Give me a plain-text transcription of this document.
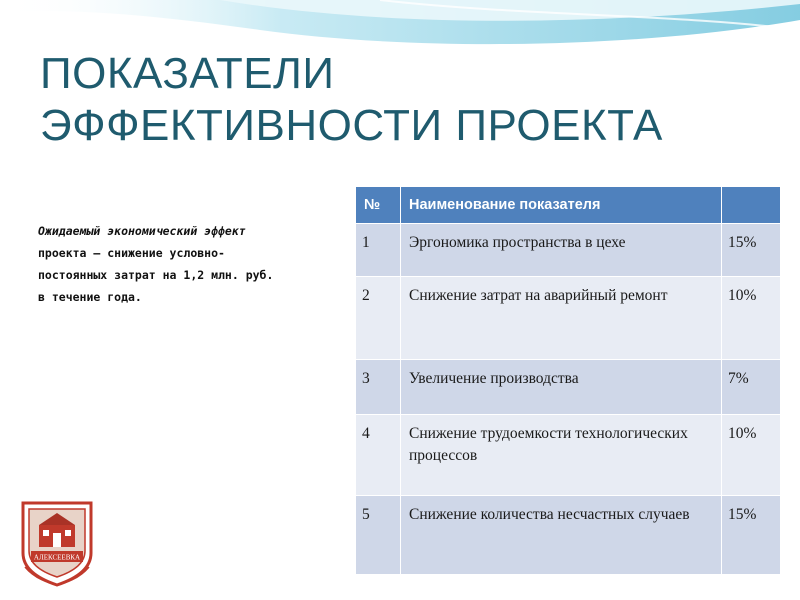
ПОКАЗАТЕЛИ
ЭФФЕКТИВНОСТИ ПРОЕКТА

Ожидаемый экономический эффект
проекта – снижение условно-
постоянных затрат на 1,2 млн. руб.
в течение года.

№	Наименование показателя	
1	Эргономика пространства в цехе	15%
2	Снижение затрат на аварийный ремонт	10%
3	Увеличение производства	7%
4	Снижение трудоемкости технологических процессов	10%
5	Снижение количества несчастных случаев	15%
АЛЕКСЕЕВКА
